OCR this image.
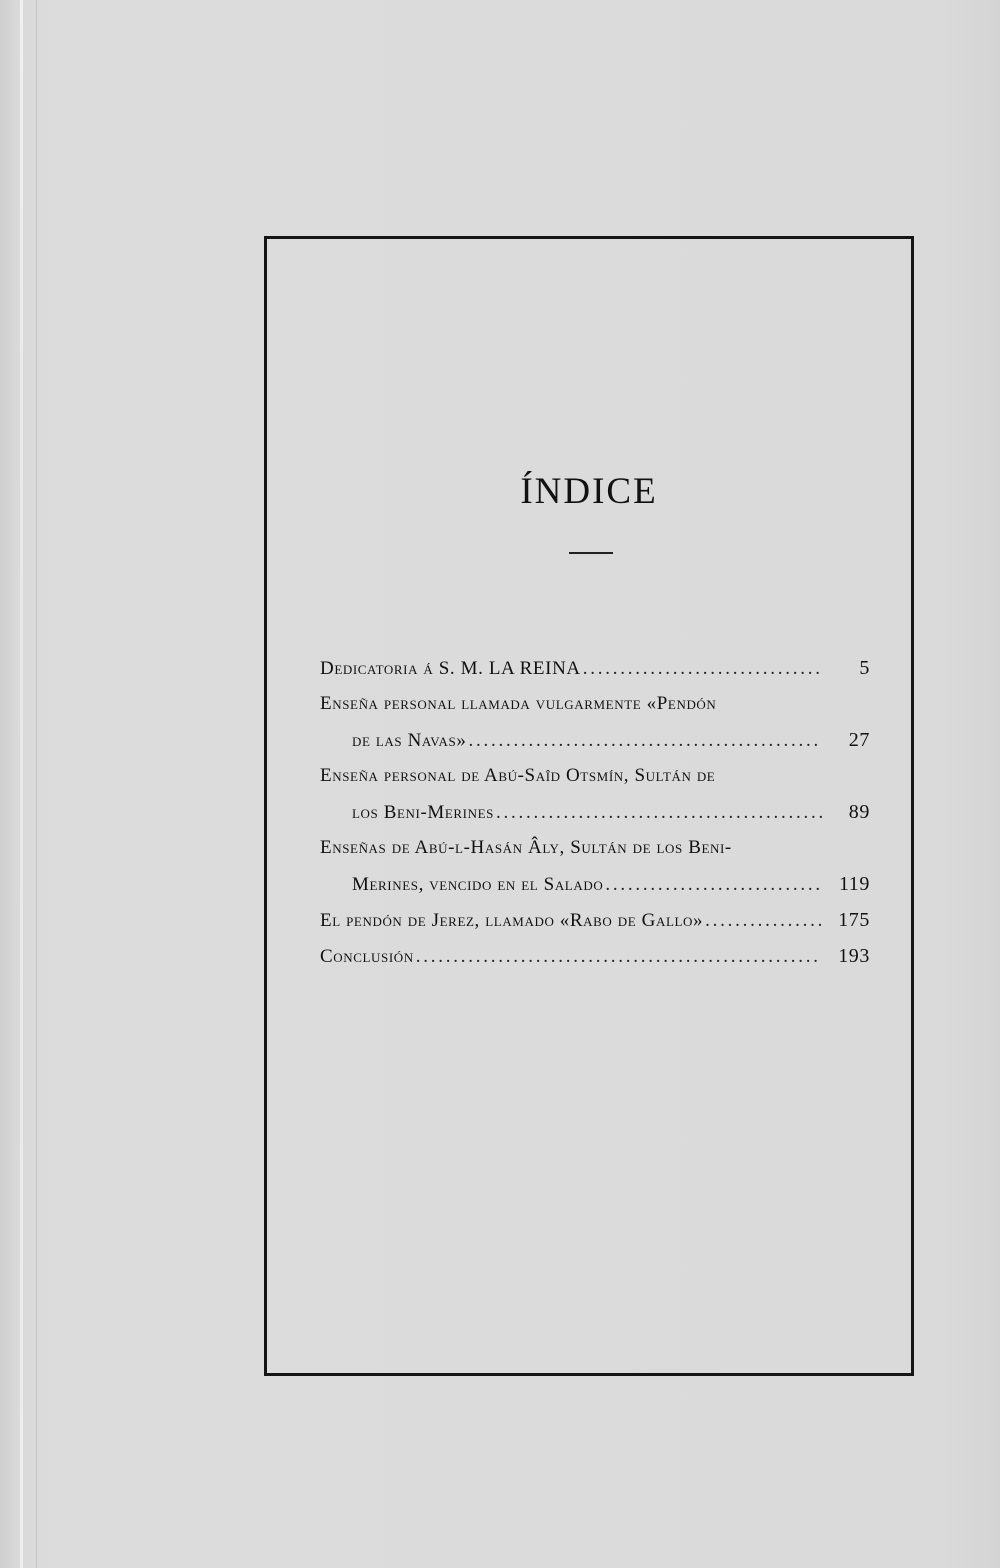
ÍNDICE
Dedicatoria á S. M. LA REINA . . .	5
Enseña personal llamada vulgarmente «Pendón
de las Navas» . . .	27
Enseña personal de Abú-Saîd Otsmín, Sultán de
los Beni-Merines . . .	89
Enseñas de Abú-l-Hasán Âly, Sultán de los Beni-
Merines, vencido en el Salado . . .	119
El pendón de Jerez, llamado «Rabo de Gallo» . . .	175
Conclusión . . .	193
